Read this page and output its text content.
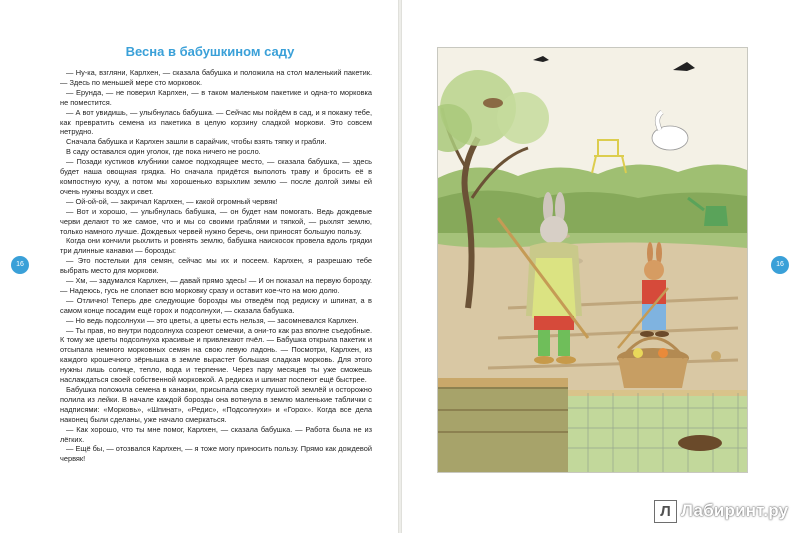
Весна в бабушкином саду

— Ну-ка, взгляни, Карлхен, — сказала бабушка и положила на стол маленький пакетик. — Здесь по меньшей мере сто морковок.

— Ерунда, — не поверил Карлхен, — в таком маленьком пакетике и одна-то морковка не поместится.

— А вот увидишь, — улыбнулась бабушка. — Сейчас мы пойдём в сад, и я покажу тебе, как превратить семена из пакетика в целую корзину сладкой моркови. Это совсем нетрудно.

Сначала бабушка и Карлхен зашли в сарайчик, чтобы взять тяпку и грабли.

В саду оставался один уголок, где пока ничего не росло.

— Позади кустиков клубники самое подходящее место, — сказала бабушка, — здесь будет наша овощная грядка. Но сначала придётся выполоть траву и бросить её в компостную кучу, а потом мы хорошенько взрыхлим землю — после долгой зимы ей очень нужны воздух и свет.

— Ой-ой-ой, — закричал Карлхен, — какой огромный червяк!

— Вот и хорошо, — улыбнулась бабушка, — он будет нам помогать. Ведь дождевые черви делают то же самое, что и мы со своими граблями и тяпкой, — рыхлят землю, только намного лучше. Дождевых червей нужно беречь, они приносят большую пользу.

Когда они кончили рыхлить и ровнять землю, бабушка наискосок провела вдоль грядки три длинные канавки — борозды:

— Это постельки для семян, сейчас мы их и посеем. Карлхен, я разрешаю тебе выбрать место для моркови.

— Хм, — задумался Карлхен, — давай прямо здесь! — И он показал на первую борозду. — Надеюсь, гусь не слопает всю морковку сразу и оставит кое-что на мою долю.

— Отлично! Теперь две следующие борозды мы отведём под редиску и шпинат, а в самом конце посадим ещё горох и подсолнухи, — сказала бабушка.

— Но ведь подсолнухи — это цветы, а цветы есть нельзя, — засомневался Карлхен.

— Ты прав, но внутри подсолнуха созреют семечки, а они-то как раз вполне съедобные. К тому же цветы подсолнуха красивые и привлекают пчёл. — Бабушка открыла пакетик и отсыпала немного морковных семян на свою левую ладонь. — Посмотри, Карлхен, из каждого крошечного зёрнышка в земле вырастет большая сладкая морковь. Для этого нужны лишь солнце, тепло, вода и терпение. Через пару месяцев ты уже сможешь наслаждаться своей собственной морковкой. А редиска и шпинат поспеют ещё быстрее.

Бабушка положила семена в канавки, присыпала сверху пушистой землёй и осторожно полила из лейки. В начале каждой борозды она воткнула в землю маленькие таблички с надписями: «Морковь», «Шпинат», «Редис», «Подсолнухи» и «Горох». Когда все дела наконец были сделаны, уже начало смеркаться.

— Как хорошо, что ты мне помог, Карлхен, — сказала бабушка. — Работа была не из лёгких.

— Ещё бы, — отозвался Карлхен, — я тоже могу приносить пользу. Прямо как дождевой червяк!

16	16
Л Лабиринт.ру
